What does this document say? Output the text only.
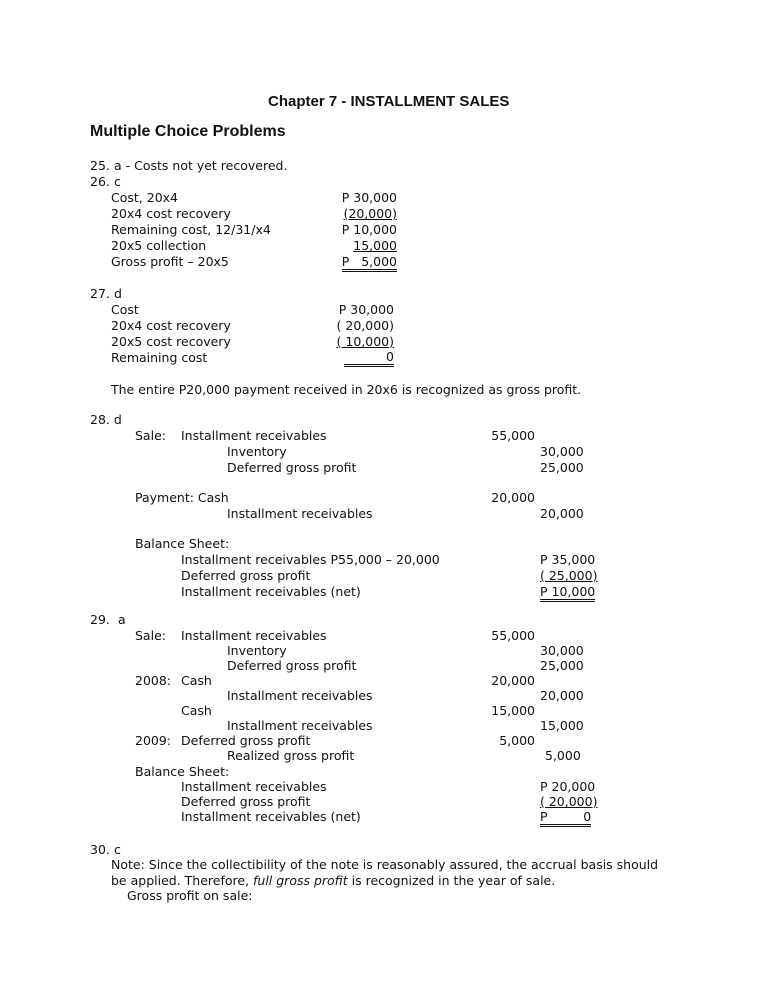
Chapter 7 - INSTALLMENT SALES
Multiple Choice Problems
25. a - Costs not yet recovered.
26. c
Cost, 20x4	P 30,000
20x4 cost recovery	(20,000)
Remaining cost, 12/31/x4	P 10,000
20x5 collection	15,000
Gross profit – 20x5	P   5,000
27. d
Cost	P 30,000
20x4 cost recovery	( 20,000)
20x5 cost recovery	( 10,000)
Remaining cost	0
The entire P20,000 payment received in 20x6 is recognized as gross profit.
28. d
Sale: Installment receivables	55,000
Inventory	30,000
Deferred gross profit	25,000
Payment: Cash	20,000
Installment receivables	20,000
Balance Sheet:
Installment receivables P55,000 – 20,000	P 35,000
Deferred gross profit	( 25,000)
Installment receivables (net)	P 10,000
29. a
Sale: Installment receivables	55,000
Inventory	30,000
Deferred gross profit	25,000
2008: Cash	20,000
Installment receivables	20,000
Cash	15,000
Installment receivables	15,000
2009: Deferred gross profit	5,000
Realized gross profit	5,000
Balance Sheet:
Installment receivables	P 20,000
Deferred gross profit	( 20,000)
Installment receivables (net)	P         0
30. c
Note: Since the collectibility of the note is reasonably assured, the accrual basis should be applied. Therefore, full gross profit is recognized in the year of sale.
Gross profit on sale:
